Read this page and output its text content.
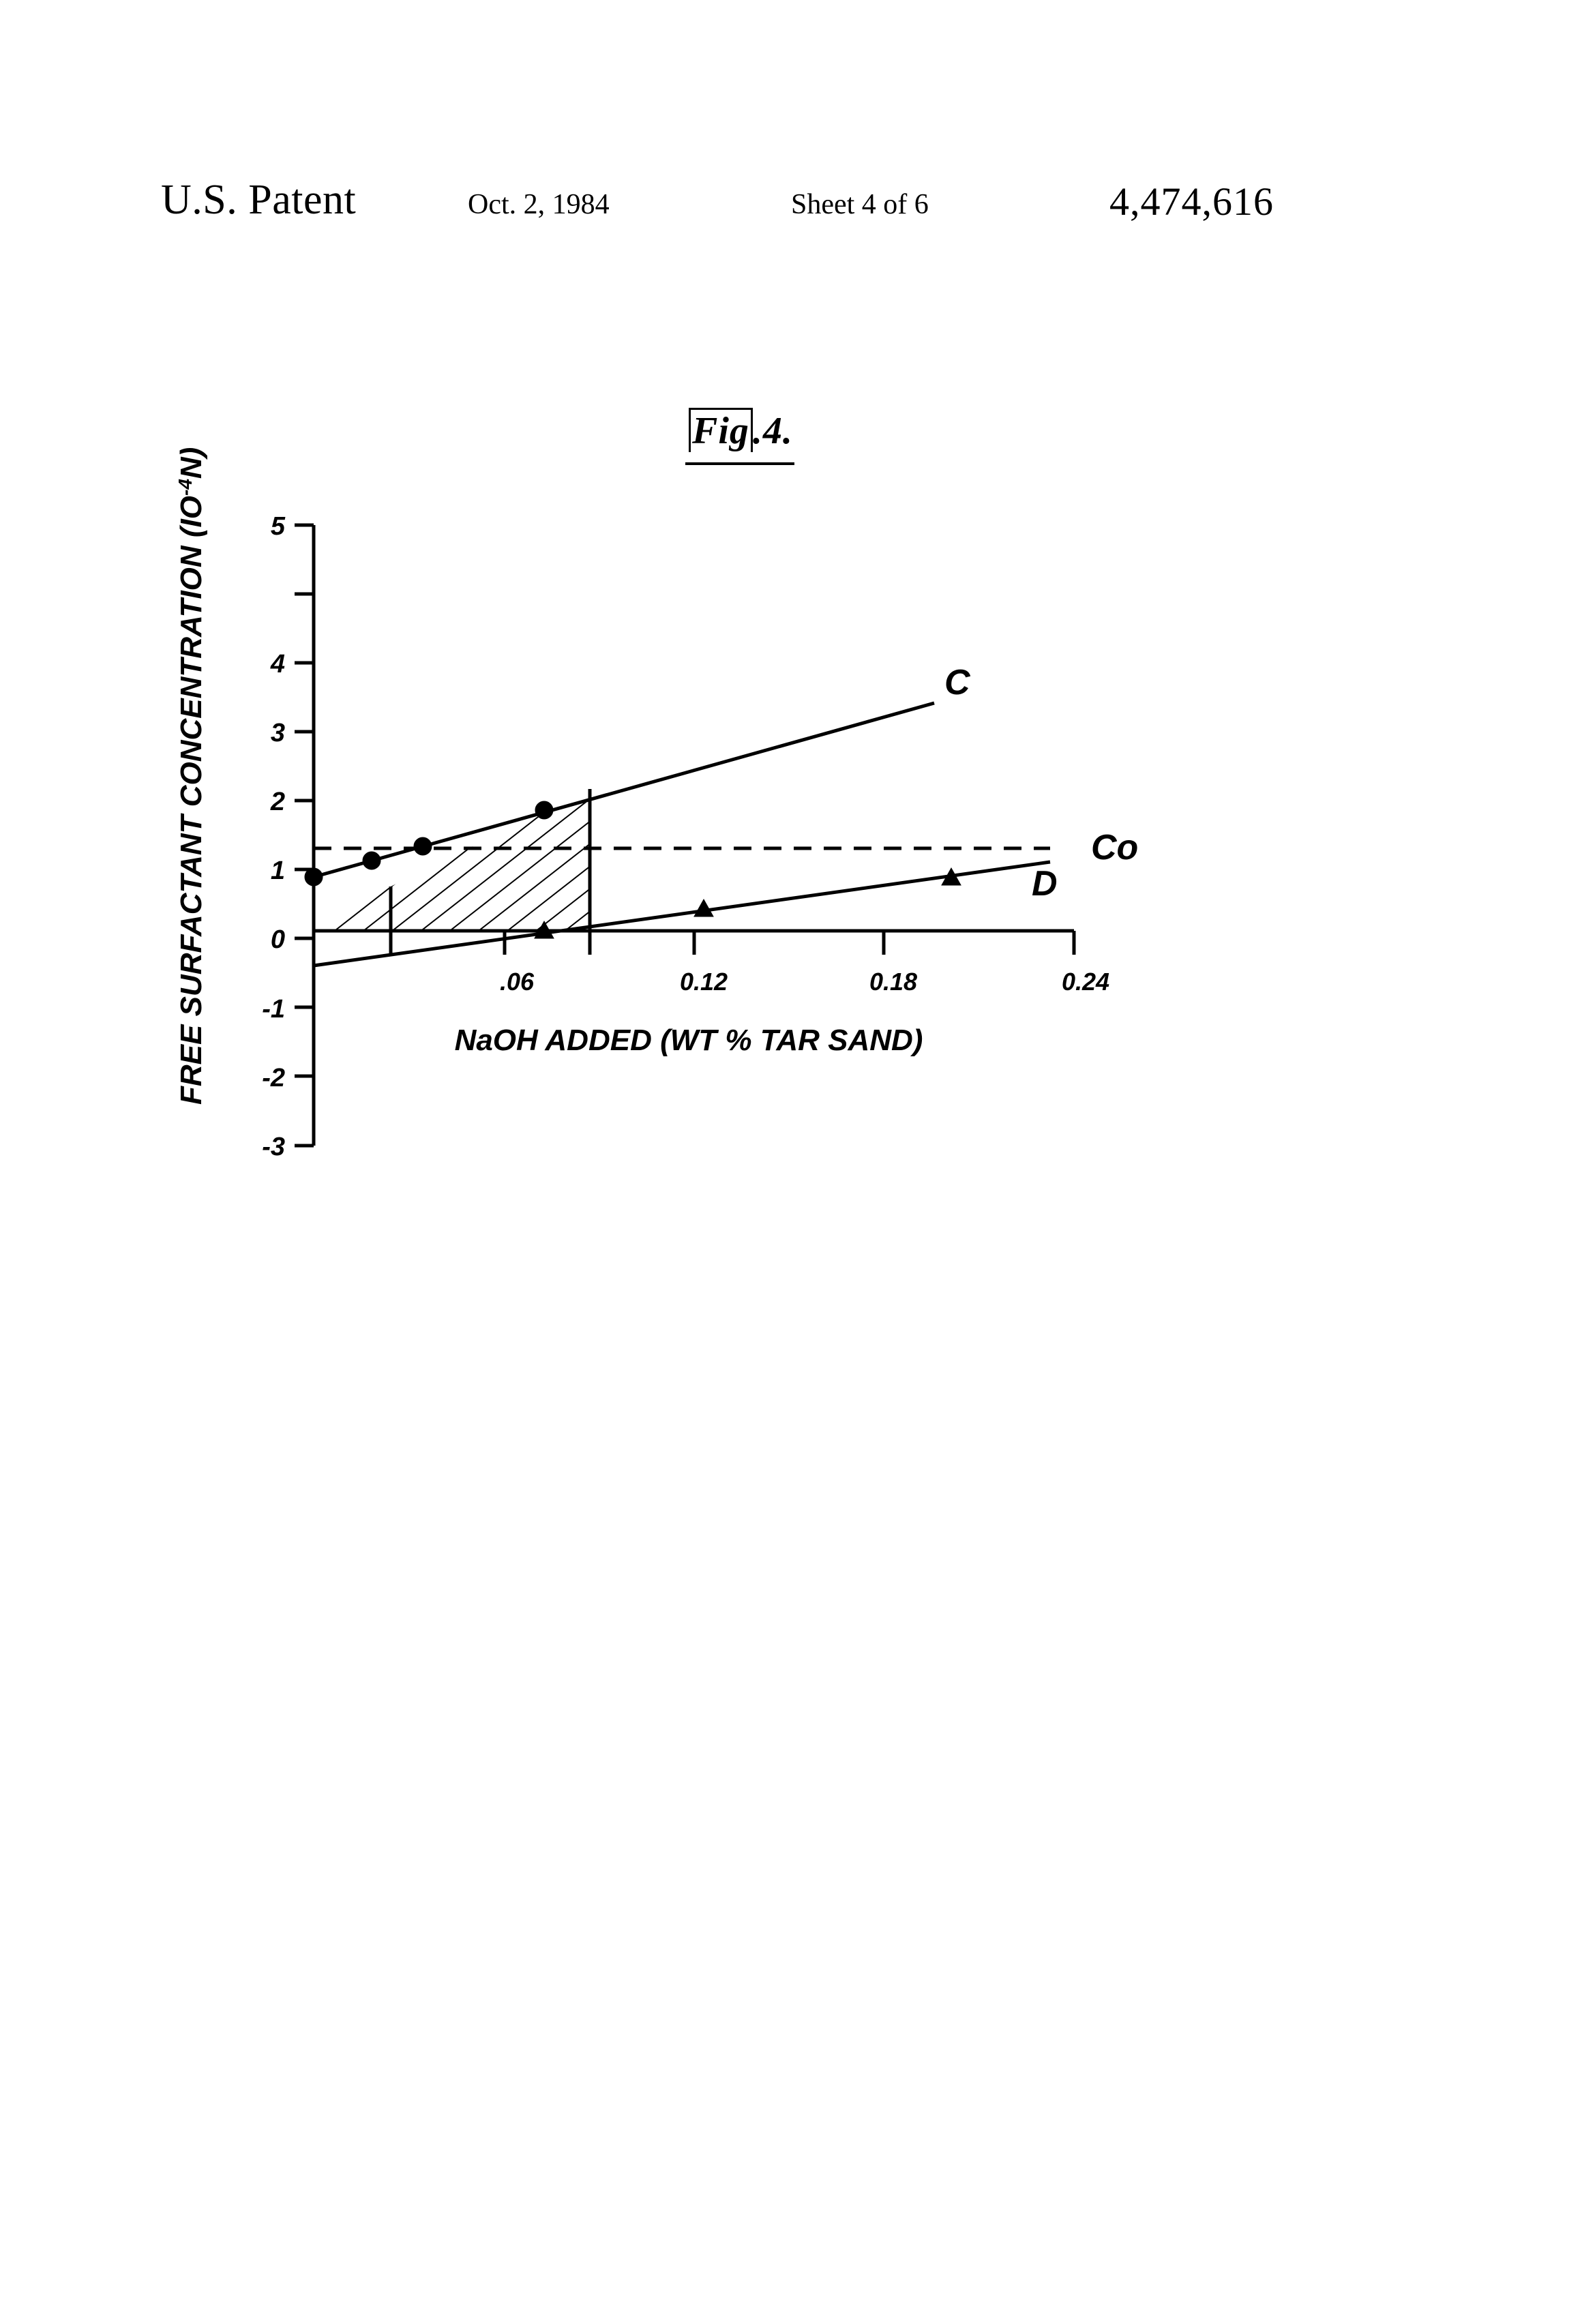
U.S. Patent	Oct. 2, 1984	Sheet 4 of 6	4,474,616
Fig.4.
5
4
3
2
1
0
-1
-2
-3
.06	0.12	0.18	0.24
Co
C
D
NaOH ADDED (WT % TAR SAND)
FREE SURFACTANT CONCENTRATION $(IO^{-4}N)$
